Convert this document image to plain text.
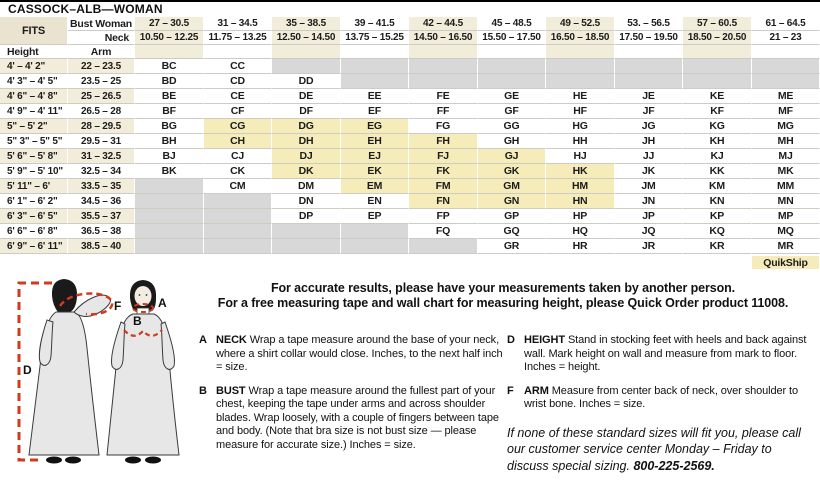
CASSOCK–ALB—WOMAN
FITS	Bust Woman	27 – 30.5	31 – 34.5	35 – 38.5	39 – 41.5	42 – 44.5	45 – 48.5	49 – 52.5	53. – 56.5	57 – 60.5	61 – 64.5
	Neck	10.50 – 12.25	11.75 – 13.25	12.50 – 14.50	13.75 – 15.25	14.50 – 16.50	15.50 – 17.50	16.50 – 18.50	17.50 – 19.50	18.50 – 20.50	21 – 23
Height	Arm										
4' – 4' 2"	22 – 23.5	BC	CC								
4' 3" – 4' 5"	23.5 – 25	BD	CD	DD							
4' 6" – 4' 8"	25 – 26.5	BE	CE	DE	EE	FE	GE	HE	JE	KE	ME
4' 9" – 4' 11"	26.5 – 28	BF	CF	DF	EF	FF	GF	HF	JF	KF	MF
5" – 5' 2"	28 – 29.5	BG	CG	DG	EG	FG	GG	HG	JG	KG	MG
5" 3" – 5" 5"	29.5 – 31	BH	CH	DH	EH	FH	GH	HH	JH	KH	MH
5' 6" – 5' 8"	31 – 32.5	BJ	CJ	DJ	EJ	FJ	GJ	HJ	JJ	KJ	MJ
5' 9" – 5' 10"	32.5 – 34	BK	CK	DK	EK	FK	GK	HK	JK	KK	MK
5' 11" – 6'	33.5 – 35		CM	DM	EM	FM	GM	HM	JM	KM	MM
6' 1" – 6' 2"	34.5 – 36			DN	EN	FN	GN	HN	JN	KN	MN
6' 3" – 6' 5"	35.5 – 37			DP	EP	FP	GP	HP	JP	KP	MP
6' 6" – 6' 8"	36.5 – 38					FQ	GQ	HQ	JQ	KQ	MQ
6' 9" – 6' 11"	38.5 – 40						GR	HR	JR	KR	MR
											QuikShip
For accurate results, please have your measurements taken by another person.
For a free measuring tape and wall chart for measuring height, please Quick Order product 11008.
A NECK Wrap a tape measure around the base of your neck, where a shirt collar would close. Inches, to the next half inch = size.
B BUST Wrap a tape measure around the fullest part of your chest, keeping the tape under arms and across shoulder blades. Wrap loosely, with a couple of fingers between tape and body. (Note that bra size is not bust size — please measure for accurate size.) Inches = size.
D HEIGHT Stand in stocking feet with heels and back against wall. Mark height on wall and measure from mark to floor. Inches = height.
F ARM Measure from center back of neck, over shoulder to wrist bone. Inches = size.
If none of these standard sizes will fit you, please call our customer service center Monday – Friday to discuss special sizing. 800-225-2569.
D
F	A
B
